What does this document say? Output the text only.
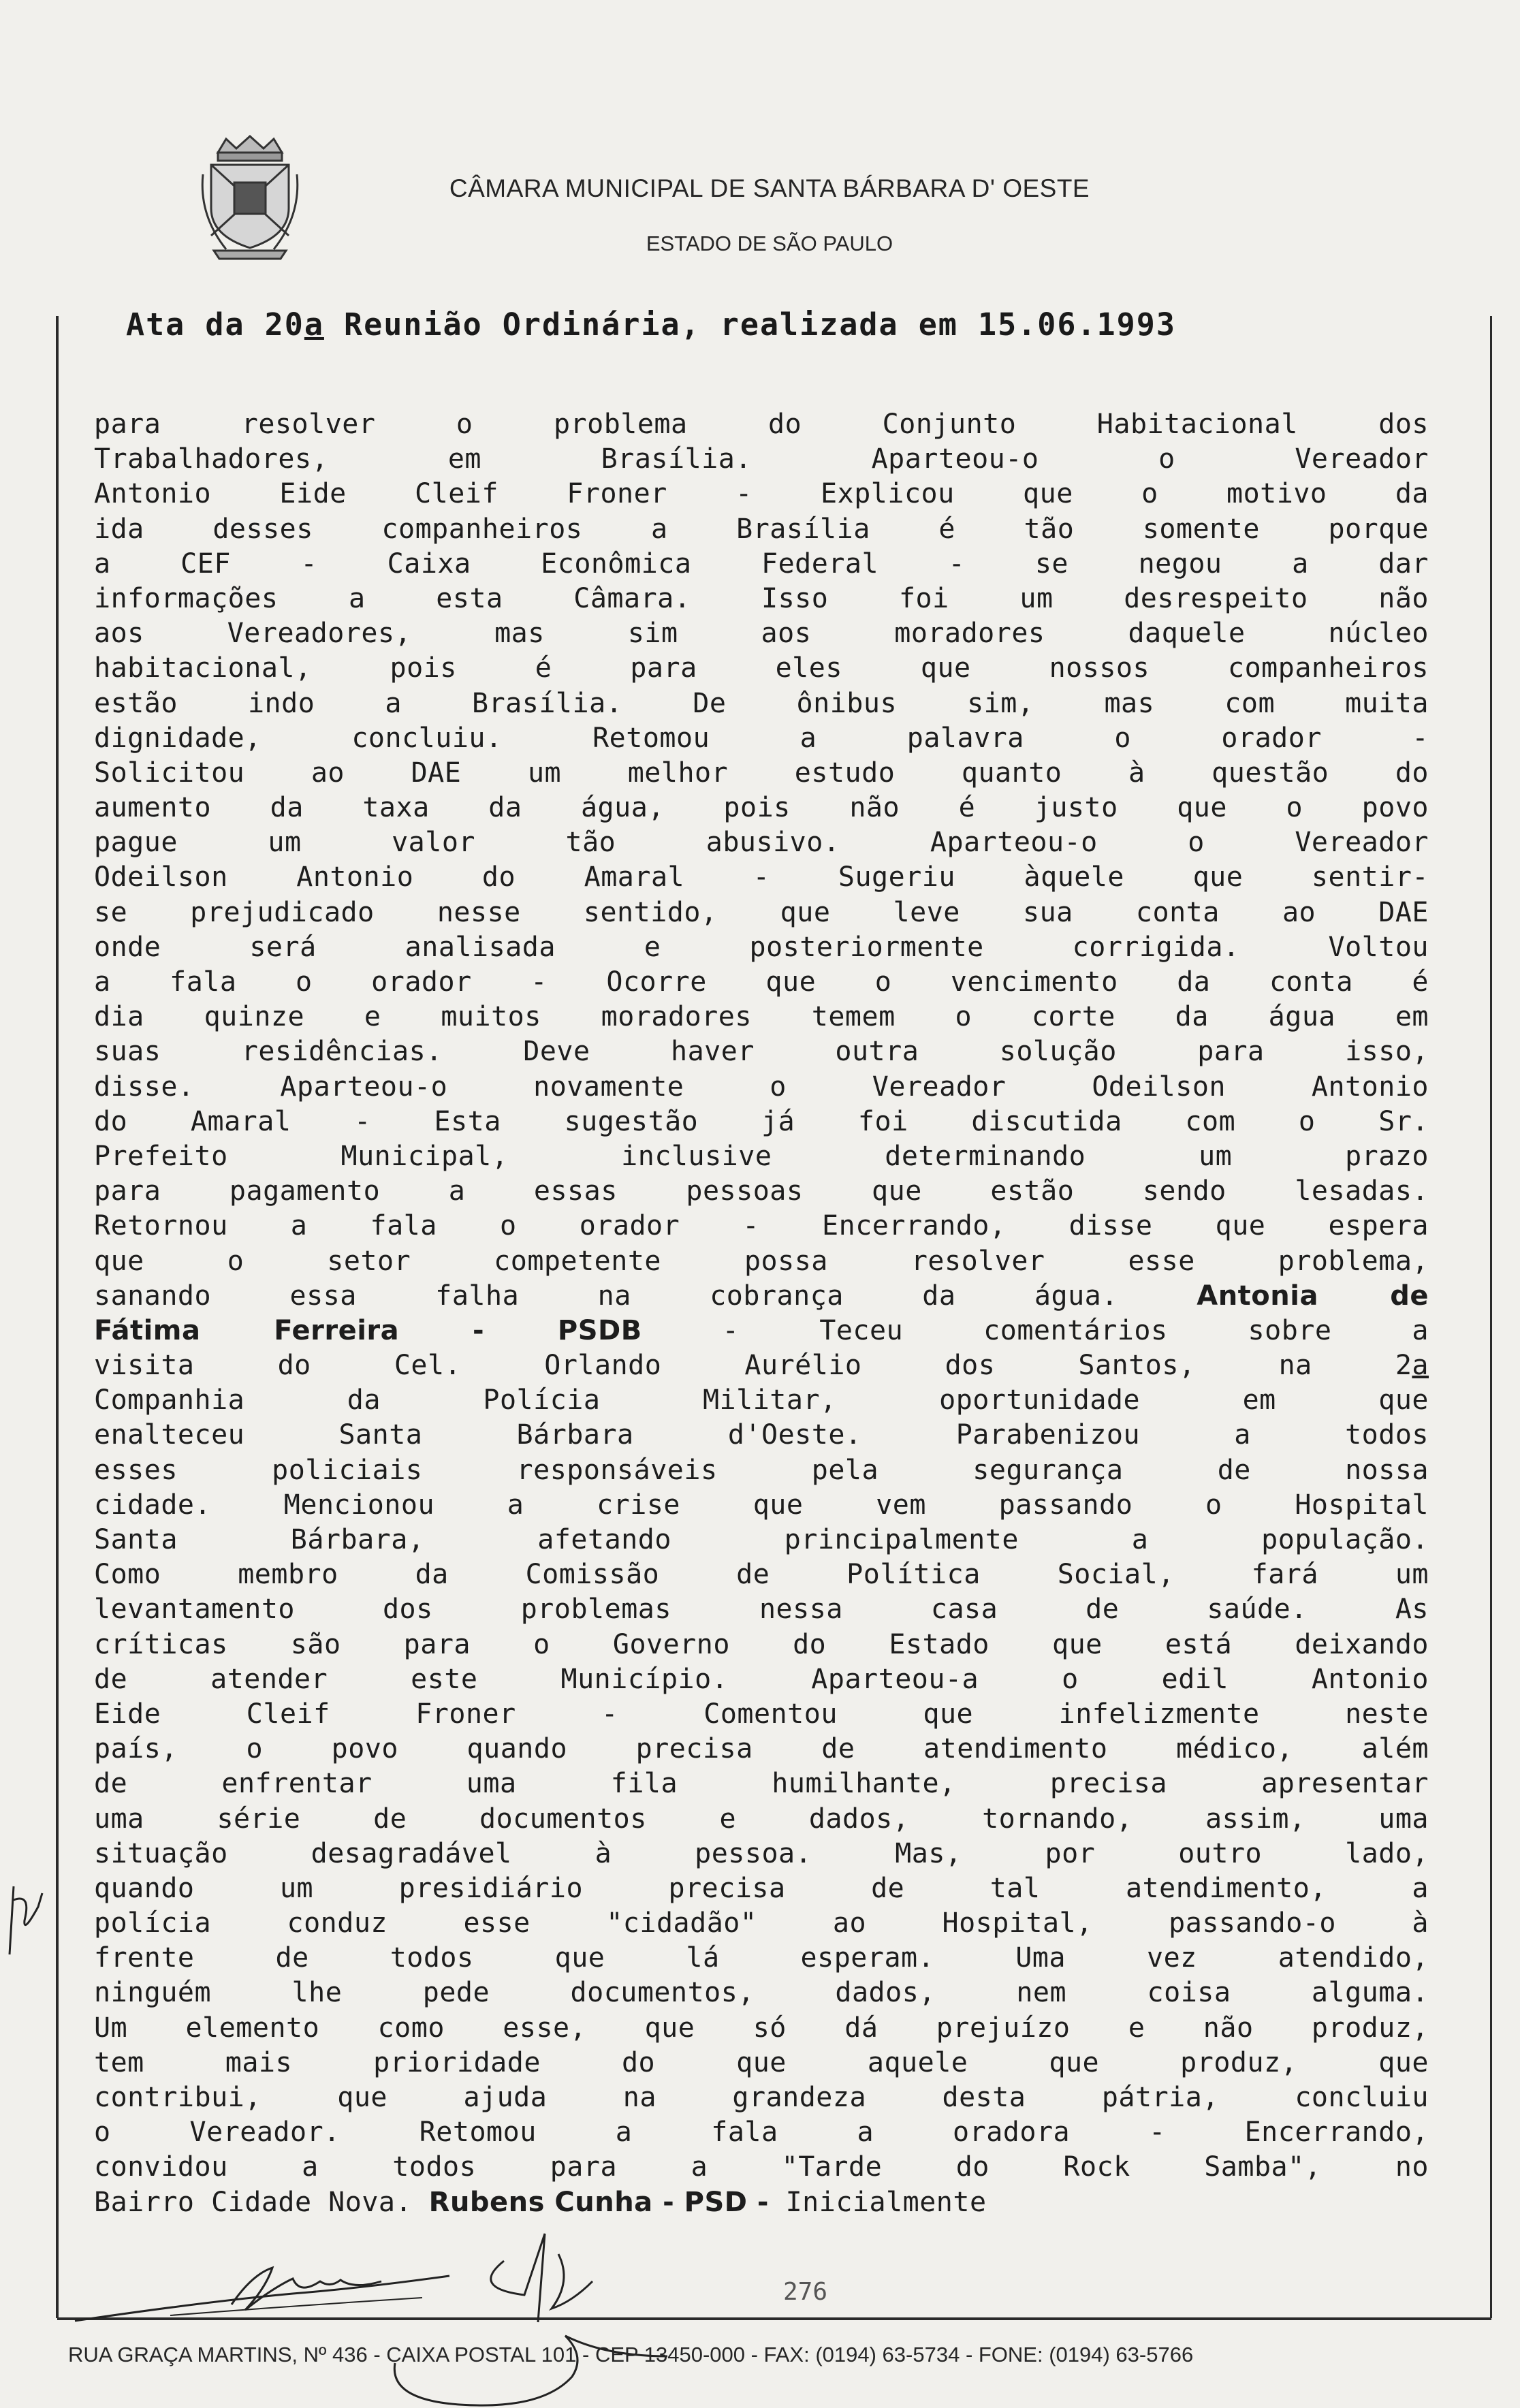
CÂMARA MUNICIPAL DE SANTA BÁRBARA D' OESTE
ESTADO DE SÃO PAULO
Ata da 20a Reunião Ordinária, realizada em 15.06.1993
para resolver o problema do Conjunto Habitacional dos
Trabalhadores, em Brasília. Aparteou-o o Vereador
Antonio Eide Cleif Froner - Explicou que o motivo da
ida desses companheiros a Brasília é tão somente porque
a CEF - Caixa Econômica Federal - se negou a dar
informações a esta Câmara. Isso foi um desrespeito não
aos Vereadores, mas sim aos moradores daquele núcleo
habitacional, pois é para eles que nossos companheiros
estão indo a Brasília. De ônibus sim, mas com muita
dignidade, concluiu. Retomou a palavra o orador -
Solicitou ao DAE um melhor estudo quanto à questão do
aumento da taxa da água, pois não é justo que o povo
pague um valor tão abusivo. Aparteou-o o Vereador
Odeilson Antonio do Amaral - Sugeriu àquele que sentir-
se prejudicado nesse sentido, que leve sua conta ao DAE
onde será analisada e posteriormente corrigida. Voltou
a fala o orador - Ocorre que o vencimento da conta é
dia quinze e muitos moradores temem o corte da água em
suas residências. Deve haver outra solução para isso,
disse. Aparteou-o novamente o Vereador Odeilson Antonio
do Amaral - Esta sugestão já foi discutida com o Sr.
Prefeito Municipal, inclusive determinando um prazo
para pagamento a essas pessoas que estão sendo lesadas.
Retornou a fala o orador - Encerrando, disse que espera
que o setor competente possa resolver esse problema,
sanando essa falha na cobrança da água. Antonia de
Fátima Ferreira - PSDB - Teceu comentários sobre a
visita do Cel. Orlando Aurélio dos Santos, na 2a
Companhia da Polícia Militar, oportunidade em que
enalteceu Santa Bárbara d'Oeste. Parabenizou a todos
esses policiais responsáveis pela segurança de nossa
cidade. Mencionou a crise que vem passando o Hospital
Santa Bárbara, afetando principalmente a população.
Como membro da Comissão de Política Social, fará um
levantamento dos problemas nessa casa de saúde. As
críticas são para o Governo do Estado que está deixando
de atender este Município. Aparteou-a o edil Antonio
Eide Cleif Froner - Comentou que infelizmente neste
país, o povo quando precisa de atendimento médico, além
de enfrentar uma fila humilhante, precisa apresentar
uma série de documentos e dados, tornando, assim, uma
situação desagradável à pessoa. Mas, por outro lado,
quando um presidiário precisa de tal atendimento, a
polícia conduz esse "cidadão" ao Hospital, passando-o à
frente de todos que lá esperam. Uma vez atendido,
ninguém lhe pede documentos, dados, nem coisa alguma.
Um elemento como esse, que só dá prejuízo e não produz,
tem mais prioridade do que aquele que produz, que
contribui, que ajuda na grandeza desta pátria, concluiu
o Vereador. Retomou a fala a oradora - Encerrando,
convidou a todos para a "Tarde do Rock Samba", no
Bairro Cidade Nova. Rubens Cunha - PSD - Inicialmente
276
RUA GRAÇA MARTINS, Nº 436 - CAIXA POSTAL 101 - CEP 13450-000 - FAX: (0194) 63-5734 - FONE: (0194) 63-5766
